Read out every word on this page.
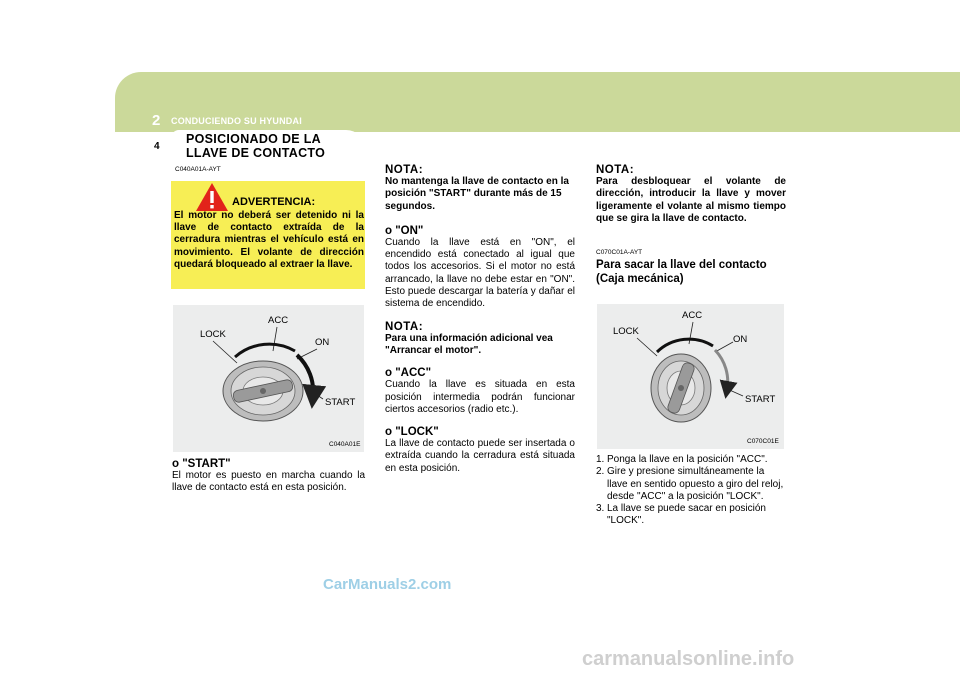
2 CONDUCIENDO SU HYUNDAI
4
POSICIONADO DE LA
LLAVE DE CONTACTO
C040A01A-AYT
ADVERTENCIA:
El motor no deberá ser detenido ni la llave de contacto extraída de la cerradura mientras el vehículo está en movimiento. El volante de dirección quedará bloqueado al extraer la llave.
LOCK
ACC
ON
START
C040A01E
o "START"
El motor es puesto en marcha cuando la llave de contacto está en esta posición.
NOTA:
No mantenga la llave de contacto en la posición "START" durante más de 15 segundos.
o "ON"
Cuando la llave está en "ON", el encendido está conectado al igual que todos los accesorios. Si el motor no está arrancado, la llave no debe estar en "ON". Esto puede descargar la batería y dañar el sistema de encendido.
NOTA:
Para una información adicional vea "Arrancar el motor".
o "ACC"
Cuando la llave es situada en esta posición intermedia podrán funcionar ciertos accesorios (radio etc.).
o "LOCK"
La llave de contacto puede ser insertada o extraída cuando la cerradura está situada en esta posición.
NOTA:
Para desbloquear el volante de dirección, introducir la llave y mover ligeramente el volante al mismo tiempo que se gira la llave de contacto.
C070C01A-AYT
Para sacar la llave del contacto (Caja mecánica)
LOCK
ACC
ON
START
C070C01E
1. Ponga la llave en la posición "ACC".
2. Gire y presione simultáneamente la llave en sentido opuesto a giro del reloj, desde "ACC" a la posición "LOCK".
3. La llave se puede sacar en posición "LOCK".
CarManuals2.com
carmanualsonline.info
